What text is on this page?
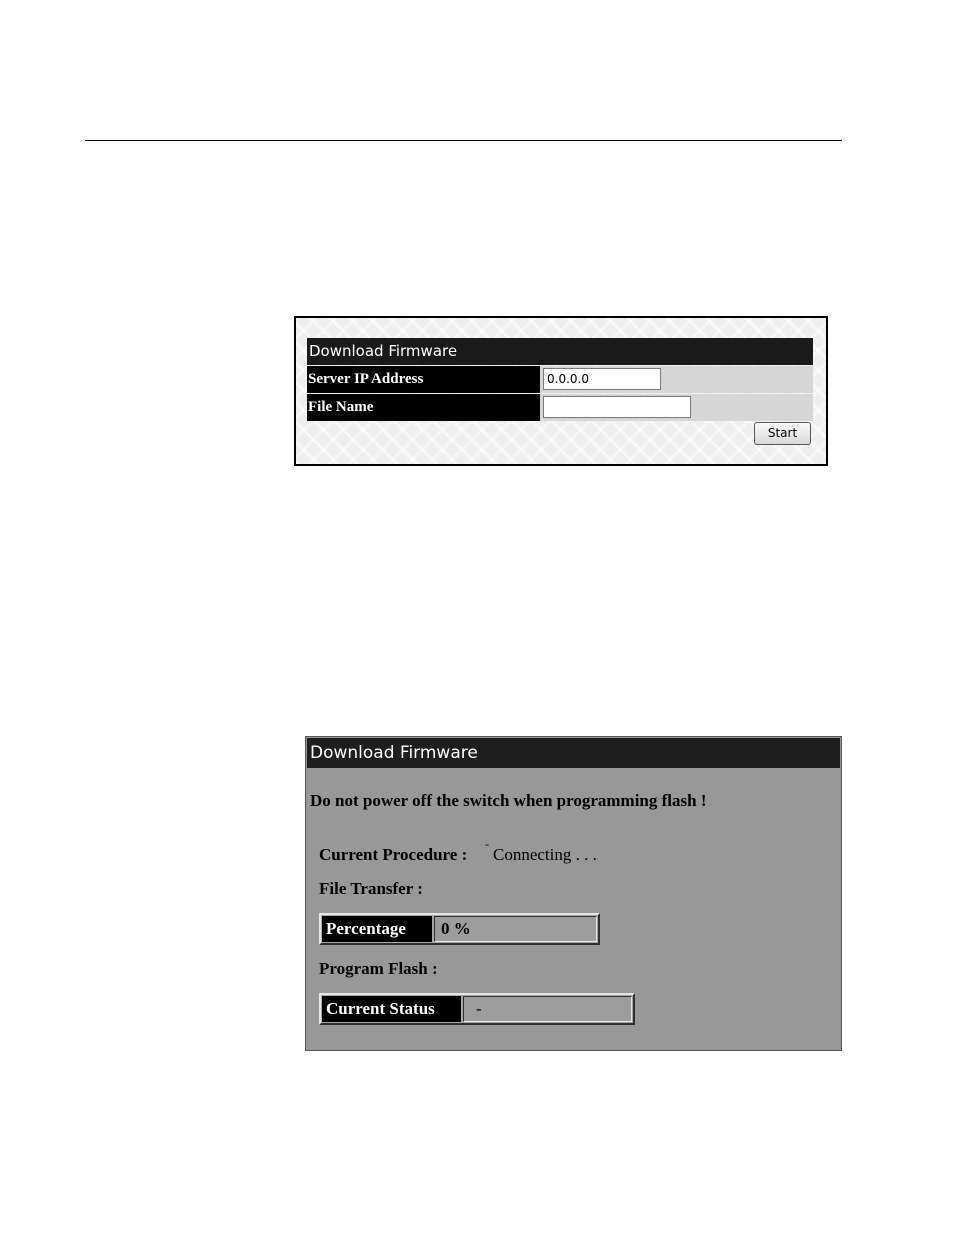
Download Firmware
Server IP Address
0.0.0.0
File Name
Start
Download Firmware
Do not power off the switch when programming flash !
Current Procedure :
-
Connecting . . .
File Transfer :
Percentage	0 %
Program Flash :
Current Status	-
